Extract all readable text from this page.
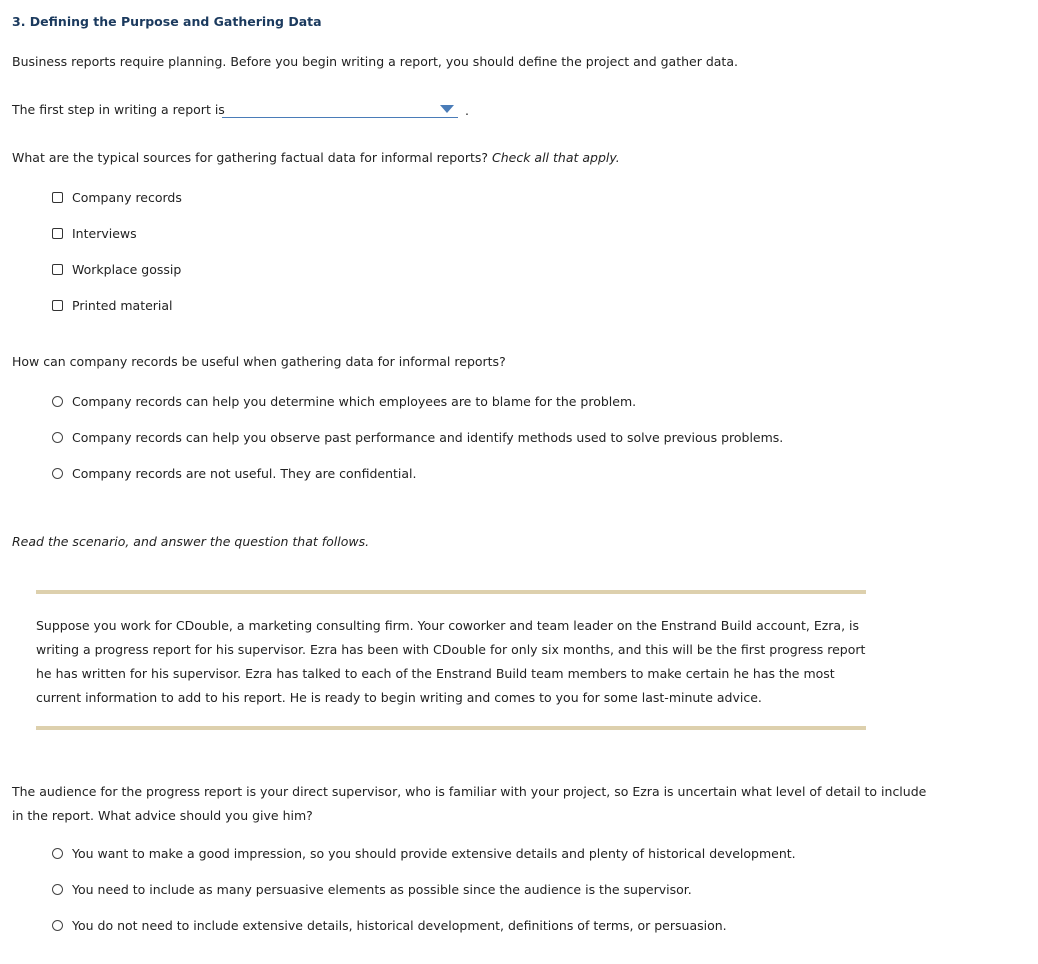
3. Defining the Purpose and Gathering Data
Business reports require planning. Before you begin writing a report, you should define the project and gather data.
The first step in writing a report is	.
What are the typical sources for gathering factual data for informal reports? Check all that apply.
Company records
Interviews
Workplace gossip
Printed material
How can company records be useful when gathering data for informal reports?
Company records can help you determine which employees are to blame for the problem.
Company records can help you observe past performance and identify methods used to solve previous problems.
Company records are not useful. They are confidential.
Read the scenario, and answer the question that follows.
Suppose you work for CDouble, a marketing consulting firm. Your coworker and team leader on the Enstrand Build account, Ezra, is writing a progress report for his supervisor. Ezra has been with CDouble for only six months, and this will be the first progress report he has written for his supervisor. Ezra has talked to each of the Enstrand Build team members to make certain he has the most current information to add to his report. He is ready to begin writing and comes to you for some last-minute advice.
The audience for the progress report is your direct supervisor, who is familiar with your project, so Ezra is uncertain what level of detail to include in the report. What advice should you give him?
You want to make a good impression, so you should provide extensive details and plenty of historical development.
You need to include as many persuasive elements as possible since the audience is the supervisor.
You do not need to include extensive details, historical development, definitions of terms, or persuasion.
